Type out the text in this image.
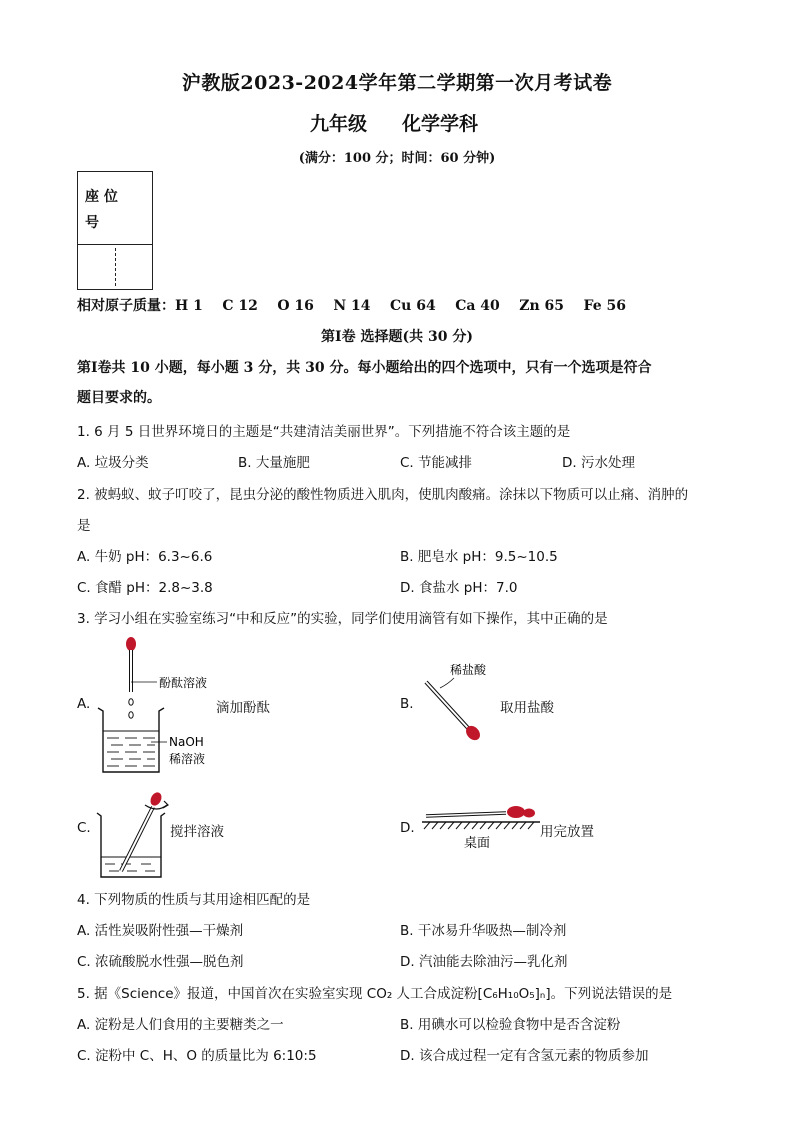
沪教版2023-2024学年第二学期第一次月考试卷
九年级 化学学科
(满分：100 分；时间：60 分钟)
座 位
号
相对原子质量：H 1    C 12    O 16    N 14    Cu 64    Ca 40    Zn 65    Fe 56
第Ⅰ卷 选择题(共 30 分)
第Ⅰ卷共 10 小题，每小题 3 分，共 30 分。每小题给出的四个选项中，只有一个选项是符合
题目要求的。
1. 6 月 5 日世界环境日的主题是“共建清洁美丽世界”。下列措施不符合该主题的是
A. 垃圾分类	B. 大量施肥	C. 节能减排	D. 污水处理
2. 被蚂蚁、蚊子叮咬了，昆虫分泌的酸性物质进入肌肉，使肌肉酸痛。涂抹以下物质可以止痛、消肿的
是
A. 牛奶 pH：6.3~6.6	B. 肥皂水 pH：9.5~10.5
C. 食醋 pH：2.8~3.8	D. 食盐水 pH：7.0
3. 学习小组在实验室练习“中和反应”的实验，同学们使用滴管有如下操作，其中正确的是
A.
酚酞溶液
NaOH
稀溶液
滴加酚酞	B.
稀盐酸
取用盐酸
C.	搅拌溶液	D.
桌面
用完放置
4. 下列物质的性质与其用途相匹配的是
A. 活性炭吸附性强—干燥剂	B. 干冰易升华吸热—制冷剂
C. 浓硫酸脱水性强—脱色剂	D. 汽油能去除油污—乳化剂
5. 据《Science》报道，中国首次在实验室实现 CO₂ 人工合成淀粉[C₆H₁₀O₅]ₙ]。下列说法错误的是
A. 淀粉是人们食用的主要糖类之一	B. 用碘水可以检验食物中是否含淀粉
C. 淀粉中 C、H、O 的质量比为 6:10:5	D. 该合成过程一定有含氢元素的物质参加
